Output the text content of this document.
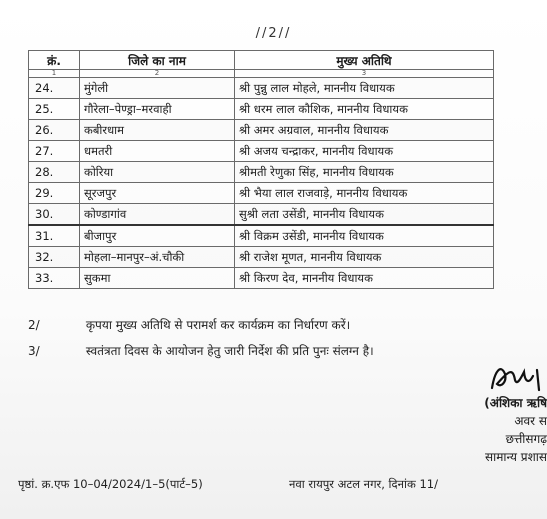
//2//
क्रं.	जिले का नाम	मुख्य अतिथि
1	2	3
24.	मुंगेली	श्री पुन्नु लाल मोहले, माननीय विधायक
25.	गौरेला–पेण्ड्रा–मरवाही	श्री धरम लाल कौशिक, माननीय विधायक
26.	कबीरधाम	श्री अमर अग्रवाल, माननीय विधायक
27.	धमतरी	श्री अजय चन्द्राकर, माननीय विधायक
28.	कोरिया	श्रीमती रेणुका सिंह, माननीय विधायक
29.	सूरजपुर	श्री भैया लाल राजवाड़े, माननीय विधायक
30.	कोण्डागांव	सुश्री लता उसेंडी, माननीय विधायक
31.	बीजापुर	श्री विक्रम उसेंडी, माननीय विधायक
32.	मोहला–मानपुर–अं.चौकी	श्री राजेश मूणत, माननीय विधायक
33.	सुकमा	श्री किरण देव, माननीय विधायक
2/	कृपया मुख्य अतिथि से परामर्श कर कार्यक्रम का निर्धारण करें।
3/	स्वतंत्रता दिवस के आयोजन हेतु जारी निर्देश की प्रति पुनः संलग्न है।
(अंशिका ऋषि
अवर स
छत्तीसगढ़
सामान्य प्रशास
पृष्ठां. क्र.एफ 10–04/2024/1–5(पार्ट–5)	नवा रायपुर अटल नगर, दिनांक 11/
